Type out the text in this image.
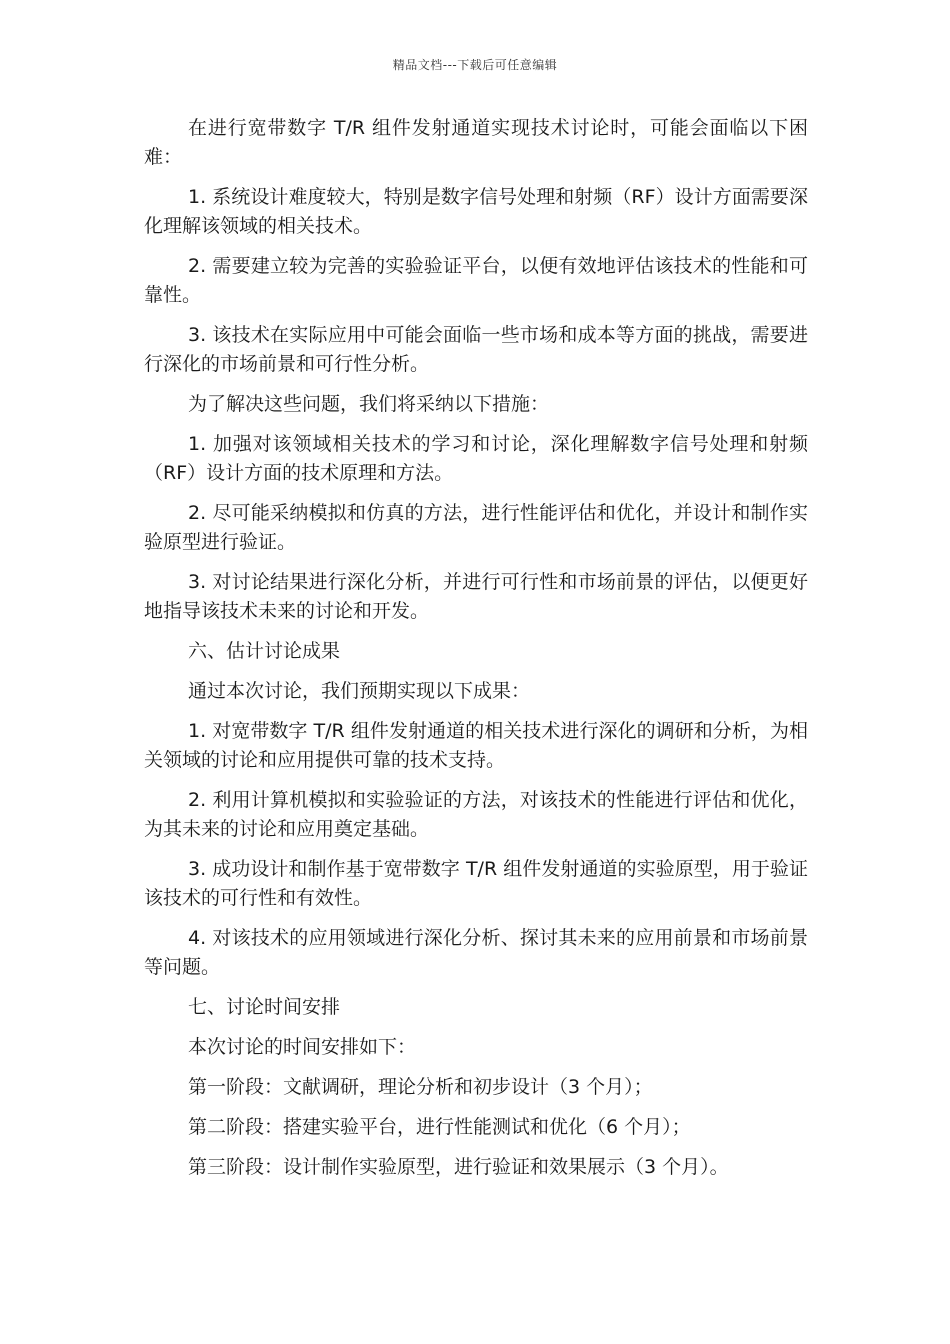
精品文档---下载后可任意编辑

在进行宽带数字 T/R 组件发射通道实现技术讨论时，可能会面临以下困难：

1. 系统设计难度较大，特别是数字信号处理和射频（RF）设计方面需要深化理解该领域的相关技术。

2. 需要建立较为完善的实验验证平台，以便有效地评估该技术的性能和可靠性。

3. 该技术在实际应用中可能会面临一些市场和成本等方面的挑战，需要进行深化的市场前景和可行性分析。

为了解决这些问题，我们将采纳以下措施：

1. 加强对该领域相关技术的学习和讨论，深化理解数字信号处理和射频（RF）设计方面的技术原理和方法。

2. 尽可能采纳模拟和仿真的方法，进行性能评估和优化，并设计和制作实验原型进行验证。

3. 对讨论结果进行深化分析，并进行可行性和市场前景的评估，以便更好地指导该技术未来的讨论和开发。

六、估计讨论成果

通过本次讨论，我们预期实现以下成果：

1. 对宽带数字 T/R 组件发射通道的相关技术进行深化的调研和分析，为相关领域的讨论和应用提供可靠的技术支持。

2. 利用计算机模拟和实验验证的方法，对该技术的性能进行评估和优化，为其未来的讨论和应用奠定基础。

3. 成功设计和制作基于宽带数字 T/R 组件发射通道的实验原型，用于验证该技术的可行性和有效性。

4. 对该技术的应用领域进行深化分析、探讨其未来的应用前景和市场前景等问题。

七、讨论时间安排

本次讨论的时间安排如下：

第一阶段：文献调研，理论分析和初步设计（3 个月）；

第二阶段：搭建实验平台，进行性能测试和优化（6 个月）；

第三阶段：设计制作实验原型，进行验证和效果展示（3 个月）。
